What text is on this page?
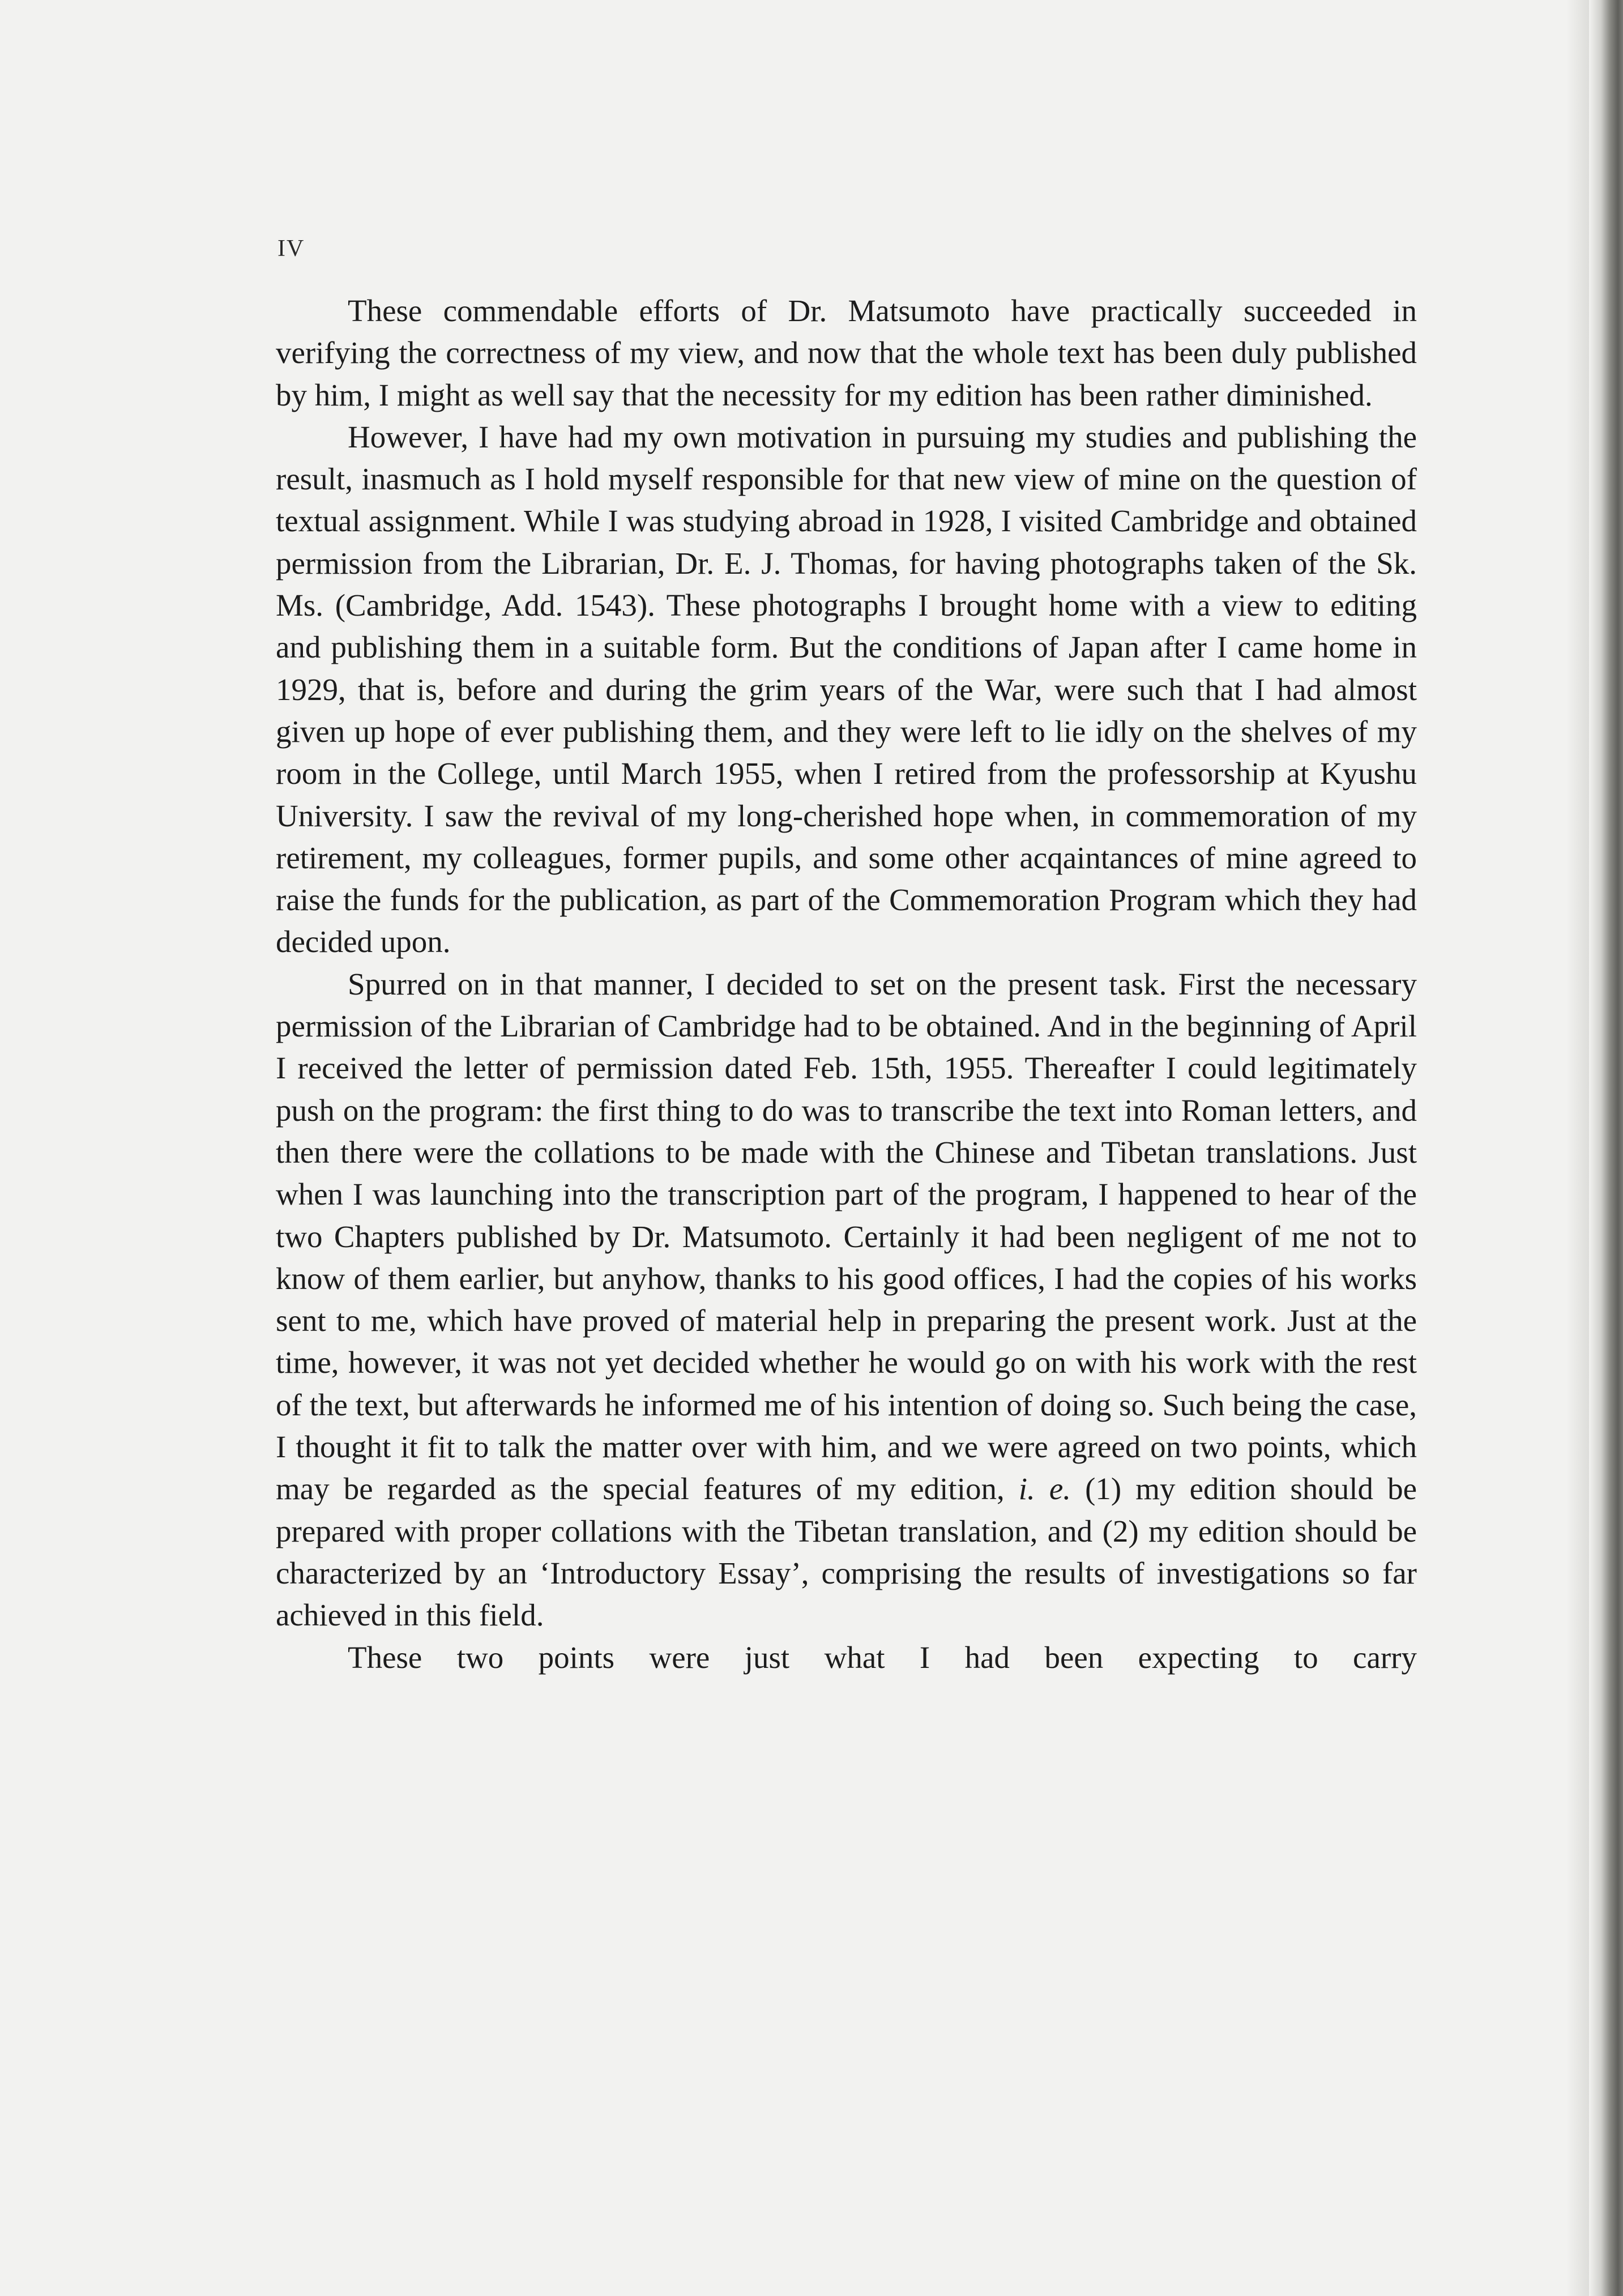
IV

These commendable efforts of Dr. Matsumoto have practically succeeded in verifying the correctness of my view, and now that the whole text has been duly published by him, I might as well say that the necessity for my edition has been rather diminished.

However, I have had my own motivation in pursuing my studies and publishing the result, inasmuch as I hold myself responsible for that new view of mine on the question of textual assignment. While I was studying abroad in 1928, I visited Cambridge and obtained permission from the Librarian, Dr. E. J. Thomas, for having photographs taken of the Sk. Ms. (Cambridge, Add. 1543). These photographs I brought home with a view to editing and publishing them in a suitable form. But the conditions of Japan after I came home in 1929, that is, before and during the grim years of the War, were such that I had almost given up hope of ever publishing them, and they were left to lie idly on the shelves of my room in the College, until March 1955, when I retired from the professorship at Kyushu University. I saw the revival of my long-cherished hope when, in commemoration of my retirement, my colleagues, former pupils, and some other acqaintances of mine agreed to raise the funds for the publication, as part of the Commemoration Program which they had decided upon.

Spurred on in that manner, I decided to set on the present task. First the necessary permission of the Librarian of Cambridge had to be obtained. And in the beginning of April I received the letter of permission dated Feb. 15th, 1955. Thereafter I could legitimately push on the program: the first thing to do was to transcribe the text into Roman letters, and then there were the collations to be made with the Chinese and Tibetan translations. Just when I was launching into the transcription part of the program, I happened to hear of the two Chapters published by Dr. Matsumoto. Certainly it had been negligent of me not to know of them earlier, but anyhow, thanks to his good offices, I had the copies of his works sent to me, which have proved of material help in preparing the present work. Just at the time, however, it was not yet decided whether he would go on with his work with the rest of the text, but afterwards he informed me of his intention of doing so. Such being the case, I thought it fit to talk the matter over with him, and we were agreed on two points, which may be regarded as the special features of my edition, i. e. (1) my edition should be prepared with proper collations with the Tibetan translation, and (2) my edition should be characterized by an ‘Introductory Essay’, comprising the results of investigations so far achieved in this field.

These two points were just what I had been expecting to carry
